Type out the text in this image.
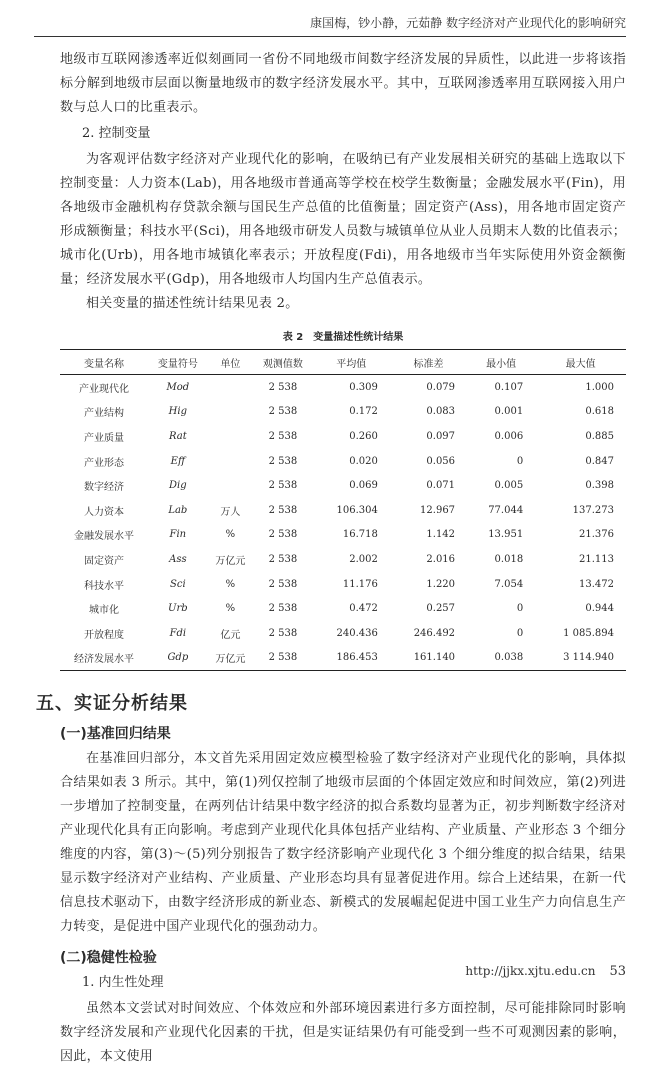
康国梅，钞小静，元茹静 数字经济对产业现代化的影响研究

地级市互联网渗透率近似刻画同一省份不同地级市间数字经济发展的异质性，以此进一步将该指标分解到地级市层面以衡量地级市的数字经济发展水平。其中，互联网渗透率用互联网接入用户数与总人口的比重表示。

2. 控制变量

为客观评估数字经济对产业现代化的影响，在吸纳已有产业发展相关研究的基础上选取以下控制变量：人力资本(Lab)，用各地级市普通高等学校在校学生数衡量；金融发展水平(Fin)，用各地级市金融机构存贷款余额与国民生产总值的比值衡量；固定资产(Ass)，用各地市固定资产形成额衡量；科技水平(Sci)，用各地级市研发人员数与城镇单位从业人员期末人数的比值表示；城市化(Urb)，用各地市城镇化率表示；开放程度(Fdi)，用各地级市当年实际使用外资金额衡量；经济发展水平(Gdp)，用各地级市人均国内生产总值表示。

相关变量的描述性统计结果见表 2。

表 2　变量描述性统计结果
变量名称	变量符号	单位	观测值数	平均值	标准差	最小值	最大值
产业现代化	Mod		2 538	0.309	0.079	0.107	1.000
产业结构	Hig		2 538	0.172	0.083	0.001	0.618
产业质量	Rat		2 538	0.260	0.097	0.006	0.885
产业形态	Eff		2 538	0.020	0.056	0	0.847
数字经济	Dig		2 538	0.069	0.071	0.005	0.398
人力资本	Lab	万人	2 538	106.304	12.967	77.044	137.273
金融发展水平	Fin	%	2 538	16.718	1.142	13.951	21.376
固定资产	Ass	万亿元	2 538	2.002	2.016	0.018	21.113
科技水平	Sci	%	2 538	11.176	1.220	7.054	13.472
城市化	Urb	%	2 538	0.472	0.257	0	0.944
开放程度	Fdi	亿元	2 538	240.436	246.492	0	1 085.894
经济发展水平	Gdp	万亿元	2 538	186.453	161.140	0.038	3 114.940
五、实证分析结果
(一)基准回归结果

在基准回归部分，本文首先采用固定效应模型检验了数字经济对产业现代化的影响，具体拟合结果如表 3 所示。其中，第(1)列仅控制了地级市层面的个体固定效应和时间效应，第(2)列进一步增加了控制变量，在两列估计结果中数字经济的拟合系数均显著为正，初步判断数字经济对产业现代化具有正向影响。考虑到产业现代化具体包括产业结构、产业质量、产业形态 3 个细分维度的内容，第(3)～(5)列分别报告了数字经济影响产业现代化 3 个细分维度的拟合结果，结果显示数字经济对产业结构、产业质量、产业形态均具有显著促进作用。综合上述结果，在新一代信息技术驱动下，由数字经济形成的新业态、新模式的发展崛起促进中国工业生产力向信息生产力转变，是促进中国产业现代化的强劲动力。

(二)稳健性检验
1. 内生性处理

虽然本文尝试对时间效应、个体效应和外部环境因素进行多方面控制，尽可能排除同时影响数字经济发展和产业现代化因素的干扰，但是实证结果仍有可能受到一些不可观测因素的影响，因此，本文使用

http://jjkx.xjtu.edu.cn 53
